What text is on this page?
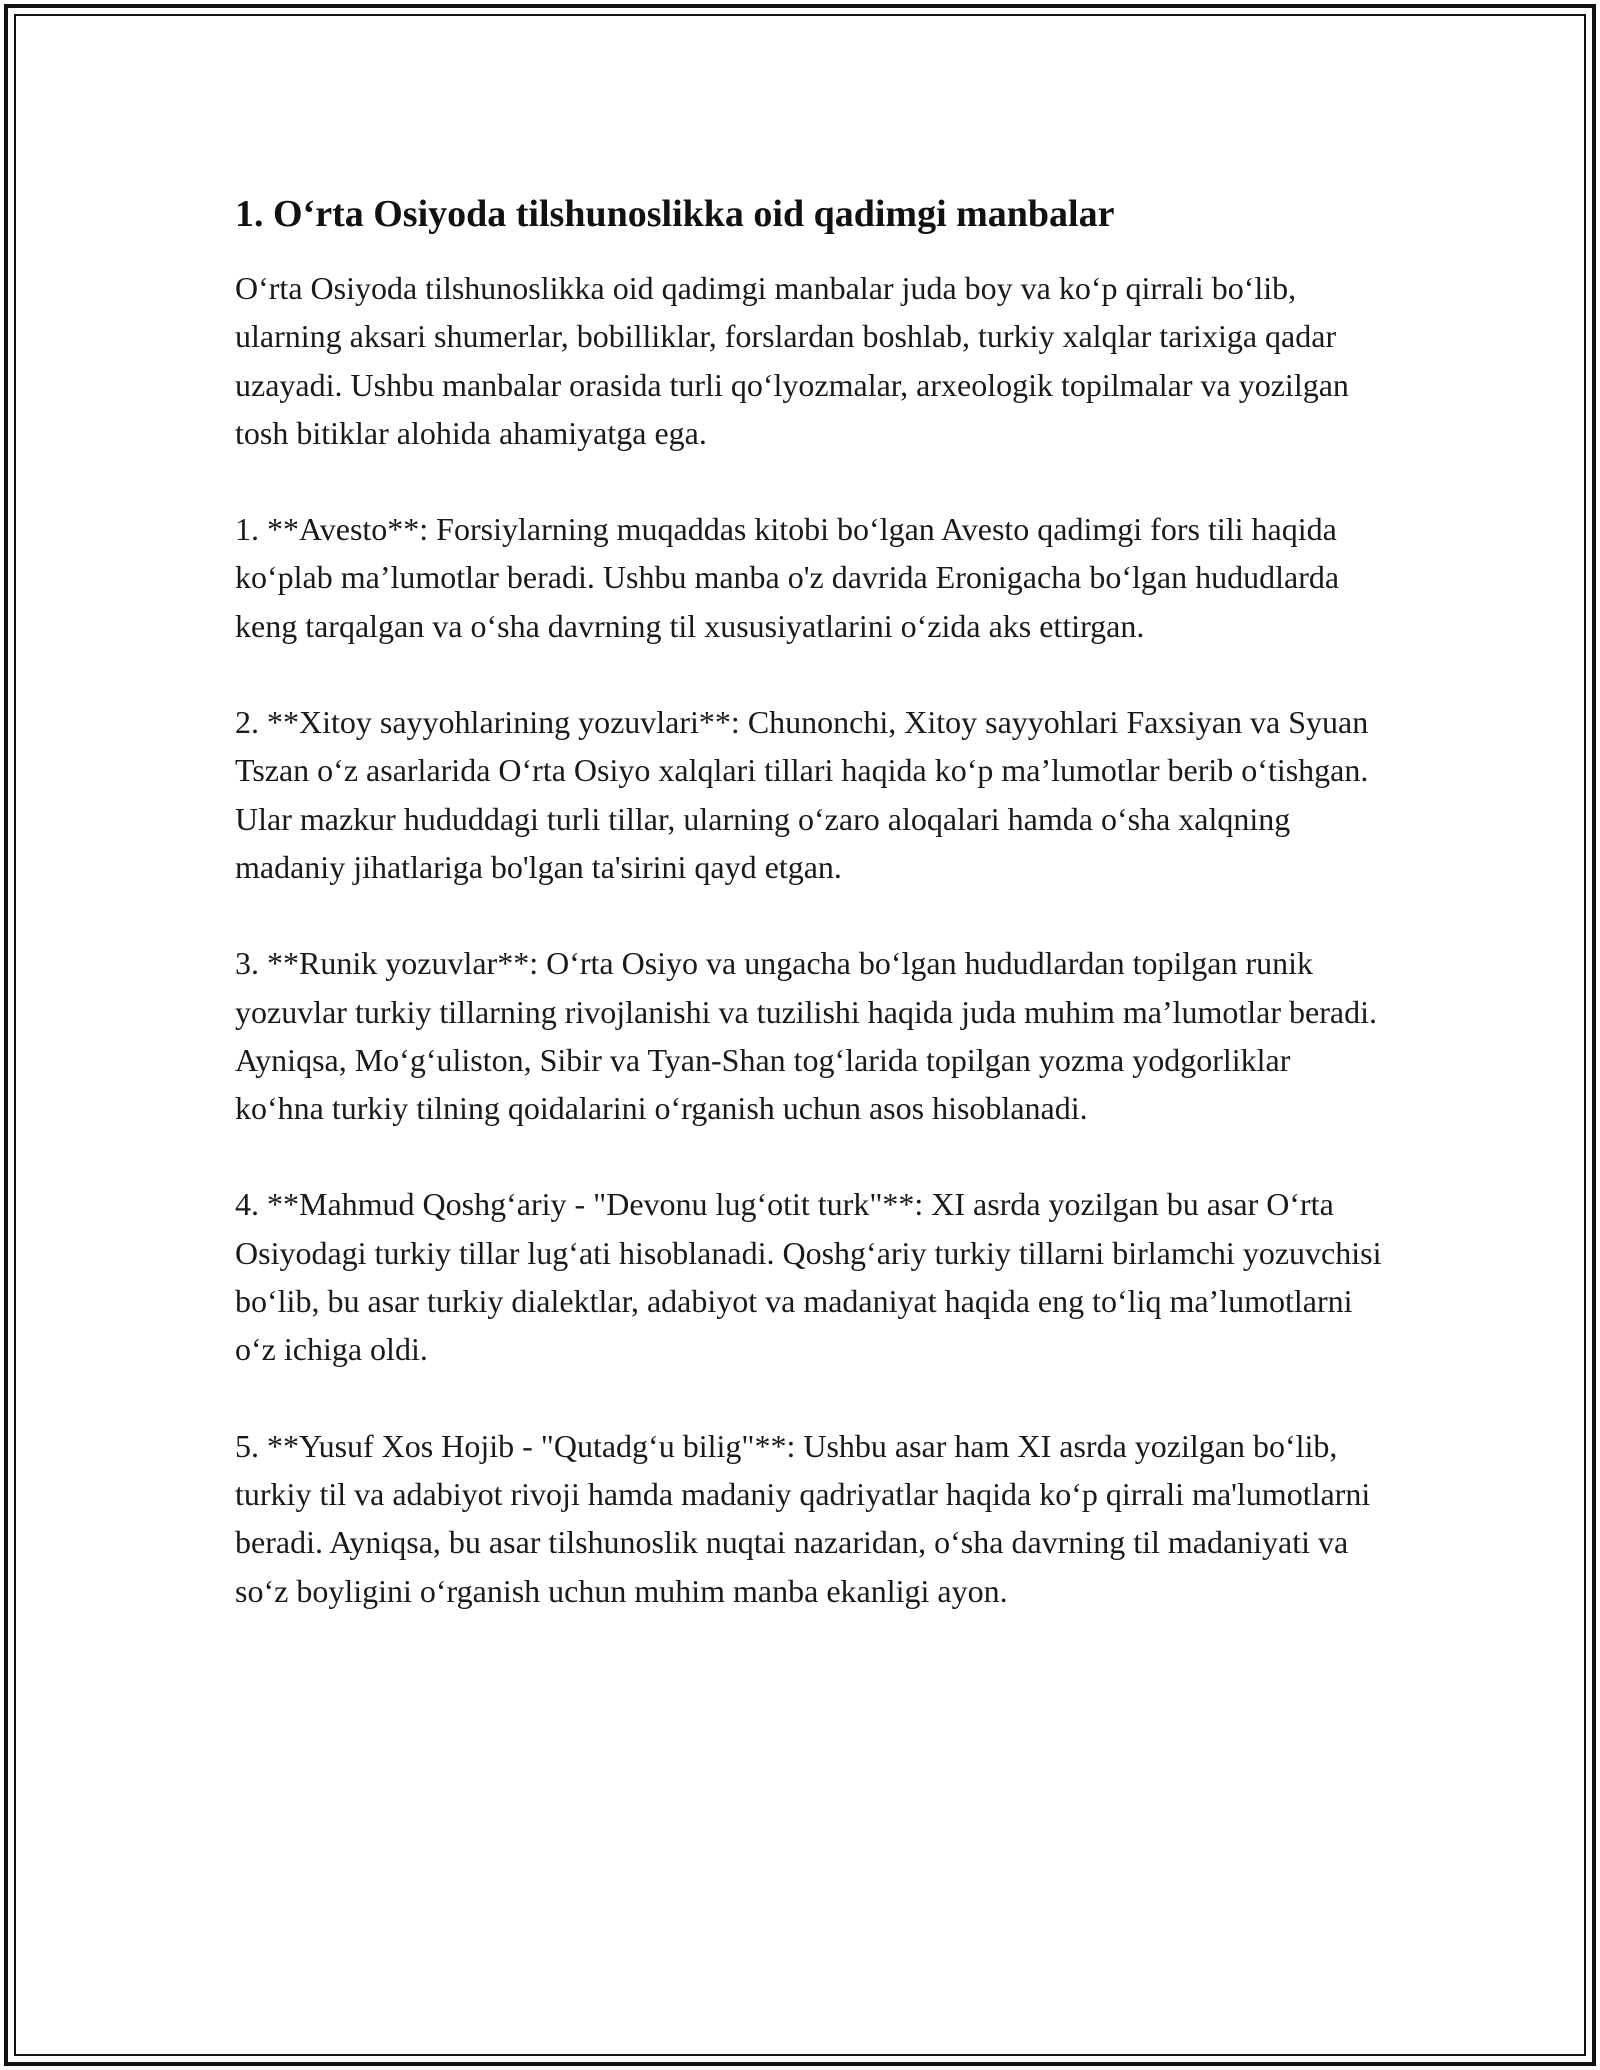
1. O‘rta Osiyoda tilshunoslikka oid qadimgi manbalar

O‘rta Osiyoda tilshunoslikka oid qadimgi manbalar juda boy va ko‘p qirrali bo‘lib, ularning aksari shumerlar, bobilliklar, forslardan boshlab, turkiy xalqlar tarixiga qadar uzayadi. Ushbu manbalar orasida turli qo‘lyozmalar, arxeologik topilmalar va yozilgan tosh bitiklar alohida ahamiyatga ega.

1. **Avesto**: Forsiylarning muqaddas kitobi bo‘lgan Avesto qadimgi fors tili haqida ko‘plab ma’lumotlar beradi. Ushbu manba o'z davrida Eronigacha bo‘lgan hududlarda keng tarqalgan va o‘sha davrning til xususiyatlarini o‘zida aks ettirgan.

2. **Xitoy sayyohlarining yozuvlari**: Chunonchi, Xitoy sayyohlari Faxsiyan va Syuan Tszan o‘z asarlarida O‘rta Osiyo xalqlari tillari haqida ko‘p ma’lumotlar berib o‘tishgan. Ular mazkur hududdagi turli tillar, ularning o‘zaro aloqalari hamda o‘sha xalqning madaniy jihatlariga bo'lgan ta'sirini qayd etgan.

3. **Runik yozuvlar**: O‘rta Osiyo va ungacha bo‘lgan hududlardan topilgan runik yozuvlar turkiy tillarning rivojlanishi va tuzilishi haqida juda muhim ma’lumotlar beradi. Ayniqsa, Mo‘g‘uliston, Sibir va Tyan-Shan tog‘larida topilgan yozma yodgorliklar ko‘hna turkiy tilning qoidalarini o‘rganish uchun asos hisoblanadi.

4. **Mahmud Qoshg‘ariy - "Devonu lug‘otit turk"**: XI asrda yozilgan bu asar O‘rta Osiyodagi turkiy tillar lug‘ati hisoblanadi. Qoshg‘ariy turkiy tillarni birlamchi yozuvchisi bo‘lib, bu asar turkiy dialektlar, adabiyot va madaniyat haqida eng to‘liq ma’lumotlarni o‘z ichiga oldi.

5. **Yusuf Xos Hojib - "Qutadg‘u bilig"**: Ushbu asar ham XI asrda yozilgan bo‘lib, turkiy til va adabiyot rivoji hamda madaniy qadriyatlar haqida ko‘p qirrali ma'lumotlarni beradi. Ayniqsa, bu asar tilshunoslik nuqtai nazaridan, o‘sha davrning til madaniyati va so‘z boyligini o‘rganish uchun muhim manba ekanligi ayon.
